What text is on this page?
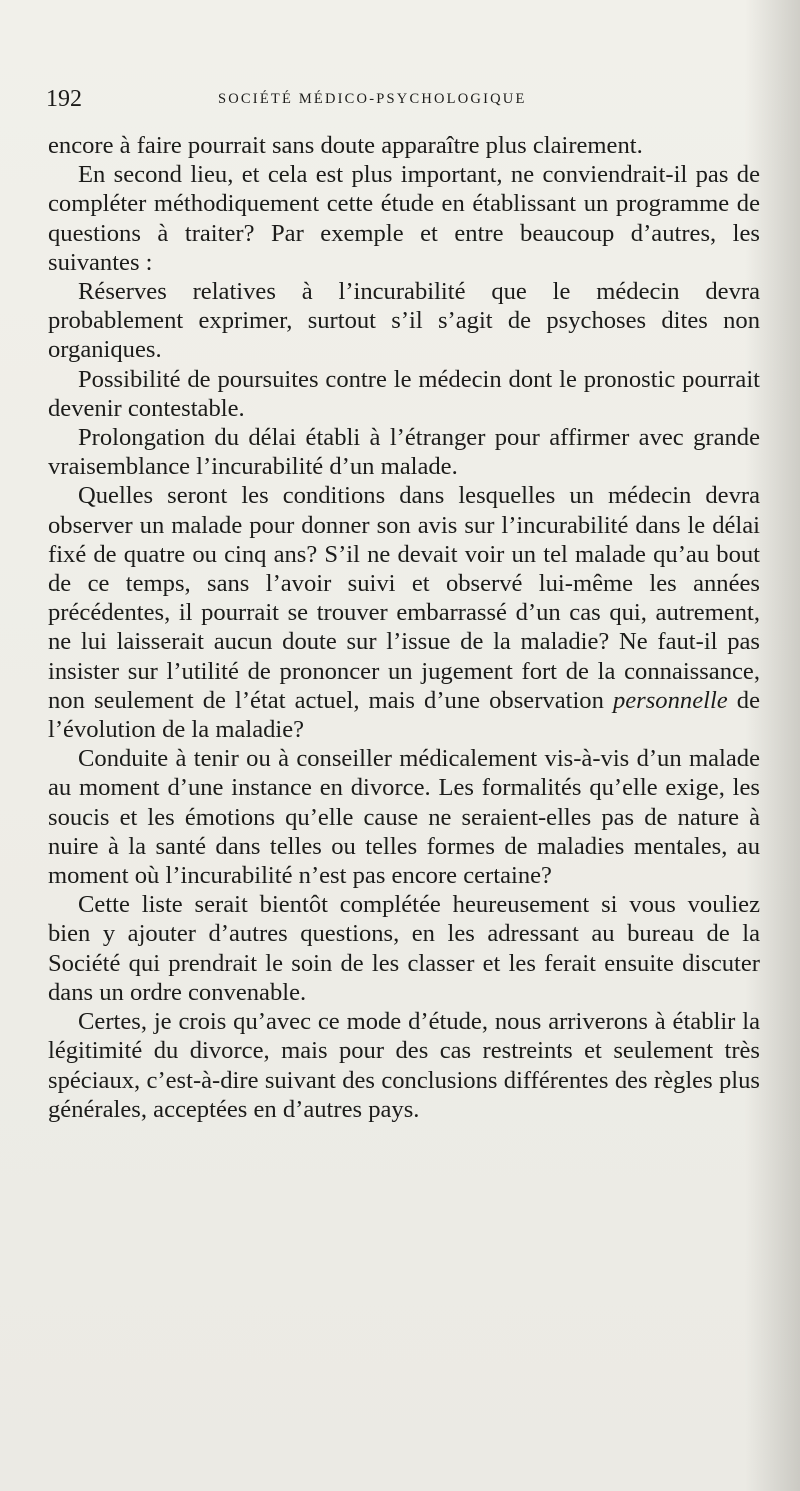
192	SOCIÉTÉ MÉDICO-PSYCHOLOGIQUE

encore à faire pourrait sans doute apparaître plus clairement.

En second lieu, et cela est plus important, ne conviendrait-il pas de compléter méthodiquement cette étude en établissant un programme de questions à traiter? Par exemple et entre beaucoup d’autres, les suivantes :

Réserves relatives à l’incurabilité que le médecin devra probablement exprimer, surtout s’il s’agit de psychoses dites non organiques.

Possibilité de poursuites contre le médecin dont le pronostic pourrait devenir contestable.

Prolongation du délai établi à l’étranger pour affirmer avec grande vraisemblance l’incurabilité d’un malade.

Quelles seront les conditions dans lesquelles un médecin devra observer un malade pour donner son avis sur l’incurabilité dans le délai fixé de quatre ou cinq ans? S’il ne devait voir un tel malade qu’au bout de ce temps, sans l’avoir suivi et observé lui-même les années précédentes, il pourrait se trouver embarrassé d’un cas qui, autrement, ne lui laisserait aucun doute sur l’issue de la maladie? Ne faut-il pas insister sur l’utilité de prononcer un jugement fort de la connaissance, non seulement de l’état actuel, mais d’une observation personnelle de l’évolution de la maladie?

Conduite à tenir ou à conseiller médicalement vis-à-vis d’un malade au moment d’une instance en divorce. Les formalités qu’elle exige, les soucis et les émotions qu’elle cause ne seraient-elles pas de nature à nuire à la santé dans telles ou telles formes de maladies mentales, au moment où l’incurabilité n’est pas encore certaine?

Cette liste serait bientôt complétée heureusement si vous vouliez bien y ajouter d’autres questions, en les adressant au bureau de la Société qui prendrait le soin de les classer et les ferait ensuite discuter dans un ordre convenable.

Certes, je crois qu’avec ce mode d’étude, nous arriverons à établir la légitimité du divorce, mais pour des cas restreints et seulement très spéciaux, c’est-à-dire suivant des conclusions différentes des règles plus générales, acceptées en d’autres pays.
